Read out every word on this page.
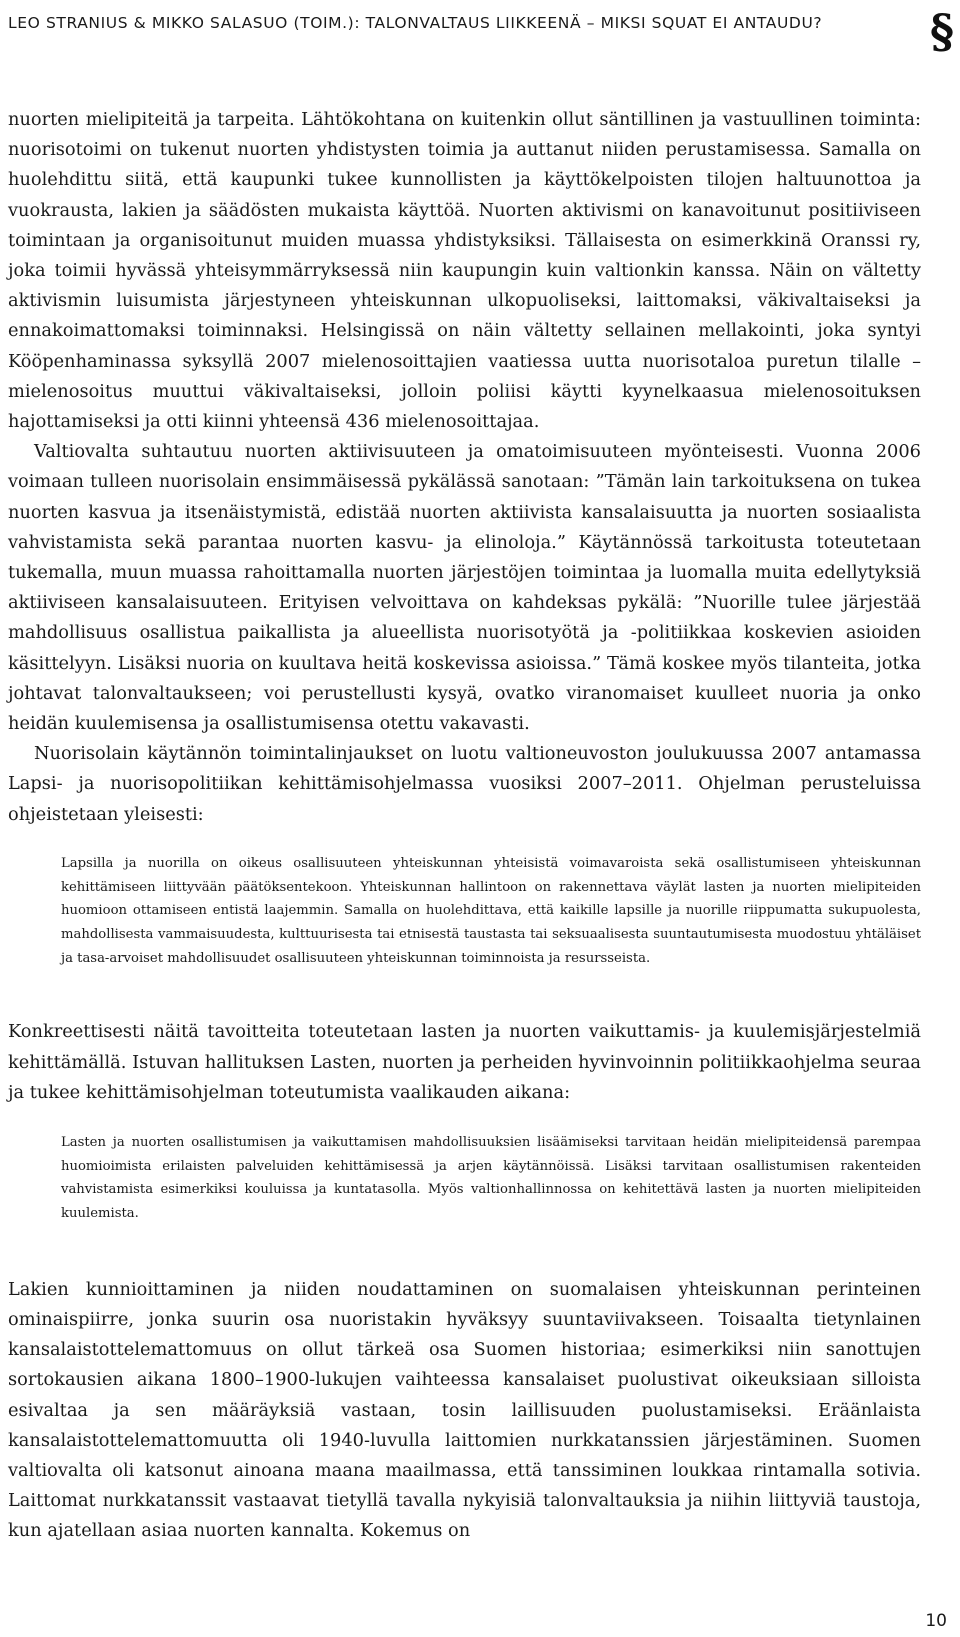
LEO STRANIUS & MIKKO SALASUO (TOIM.): TALONVALTAUS LIIKKEENÄ – MIKSI SQUAT EI ANTAUDU?	§

nuorten mielipiteitä ja tarpeita. Lähtökohtana on kuitenkin ollut säntillinen ja vastuullinen toiminta: nuorisotoimi on tukenut nuorten yhdistysten toimia ja auttanut niiden perustamisessa. Samalla on huolehdittu siitä, että kaupunki tukee kunnollisten ja käyttökelpoisten tilojen haltuunottoa ja vuokrausta, lakien ja säädösten mukaista käyttöä. Nuorten aktivismi on kanavoitunut positiiviseen toimintaan ja organisoitunut muiden muassa yhdistyksiksi. Tällaisesta on esimerkkinä Oranssi ry, joka toimii hyvässä yhteisymmärryksessä niin kaupungin kuin valtionkin kanssa. Näin on vältetty aktivismin luisumista järjestyneen yhteiskunnan ulkopuoliseksi, laittomaksi, väkivaltaiseksi ja ennakoimattomaksi toiminnaksi. Helsingissä on näin vältetty sellainen mellakointi, joka syntyi Kööpenhaminassa syksyllä 2007 mielenosoittajien vaatiessa uutta nuorisotaloa puretun tilalle – mielenosoitus muuttui väkivaltaiseksi, jolloin poliisi käytti kyynelkaasua mielenosoituksen hajottamiseksi ja otti kiinni yhteensä 436 mielenosoittajaa.

Valtiovalta suhtautuu nuorten aktiivisuuteen ja omatoimisuuteen myönteisesti. Vuonna 2006 voimaan tulleen nuorisolain ensimmäisessä pykälässä sanotaan: ”Tämän lain tarkoituksena on tukea nuorten kasvua ja itsenäistymistä, edistää nuorten aktiivista kansalaisuutta ja nuorten sosiaalista vahvistamista sekä parantaa nuorten kasvu- ja elinoloja.” Käytännössä tarkoitusta toteutetaan tukemalla, muun muassa rahoittamalla nuorten järjestöjen toimintaa ja luomalla muita edellytyksiä aktiiviseen kansalaisuuteen. Erityisen velvoittava on kahdeksas pykälä: ”Nuorille tulee järjestää mahdollisuus osallistua paikallista ja alueellista nuorisotyötä ja -politiikkaa koskevien asioiden käsittelyyn. Lisäksi nuoria on kuultava heitä koskevissa asioissa.” Tämä koskee myös tilanteita, jotka johtavat talonvaltaukseen; voi perustellusti kysyä, ovatko viranomaiset kuulleet nuoria ja onko heidän kuulemisensa ja osallistumisensa otettu vakavasti.

Nuorisolain käytännön toimintalinjaukset on luotu valtioneuvoston joulukuussa 2007 antamassa Lapsi- ja nuorisopolitiikan kehittämisohjelmassa vuosiksi 2007–2011. Ohjelman perusteluissa ohjeistetaan yleisesti:

Lapsilla ja nuorilla on oikeus osallisuuteen yhteiskunnan yhteisistä voimavaroista sekä osallistumiseen yhteiskunnan kehittämiseen liittyvään päätöksentekoon. Yhteiskunnan hallintoon on rakennettava väylät lasten ja nuorten mielipiteiden huomioon ottamiseen entistä laajemmin. Samalla on huolehdittava, että kaikille lapsille ja nuorille riippumatta sukupuolesta, mahdollisesta vammaisuudesta, kulttuurisesta tai etnisestä taustasta tai seksuaalisesta suuntautumisesta muodostuu yhtäläiset ja tasa-arvoiset mahdollisuudet osallisuuteen yhteiskunnan toiminnoista ja resursseista.

Konkreettisesti näitä tavoitteita toteutetaan lasten ja nuorten vaikuttamis- ja kuulemisjärjestelmiä kehittämällä. Istuvan hallituksen Lasten, nuorten ja perheiden hyvinvoinnin politiikkaohjelma seuraa ja tukee kehittämisohjelman toteutumista vaalikauden aikana:

Lasten ja nuorten osallistumisen ja vaikuttamisen mahdollisuuksien lisäämiseksi tarvitaan heidän mielipiteidensä parempaa huomioimista erilaisten palveluiden kehittämisessä ja arjen käytännöissä. Lisäksi tarvitaan osallistumisen rakenteiden vahvistamista esimerkiksi kouluissa ja kuntatasolla. Myös valtionhallinnossa on kehitettävä lasten ja nuorten mielipiteiden kuulemista.

Lakien kunnioittaminen ja niiden noudattaminen on suomalaisen yhteiskunnan perinteinen ominaispiirre, jonka suurin osa nuoristakin hyväksyy suuntaviivakseen. Toisaalta tietynlainen kansalaistottelemattomuus on ollut tärkeä osa Suomen historiaa; esimerkiksi niin sanottujen sortokausien aikana 1800–1900-lukujen vaihteessa kansalaiset puolustivat oikeuksiaan silloista esivaltaa ja sen määräyksiä vastaan, tosin laillisuuden puolustamiseksi. Eräänlaista kansalaistottelemattomuutta oli 1940-luvulla laittomien nurkkatanssien järjestäminen. Suomen valtiovalta oli katsonut ainoana maana maailmassa, että tanssiminen loukkaa rintamalla sotivia. Laittomat nurkkatanssit vastaavat tietyllä tavalla nykyisiä talonvaltauksia ja niihin liittyviä taustoja, kun ajatellaan asiaa nuorten kannalta. Kokemus on

10
